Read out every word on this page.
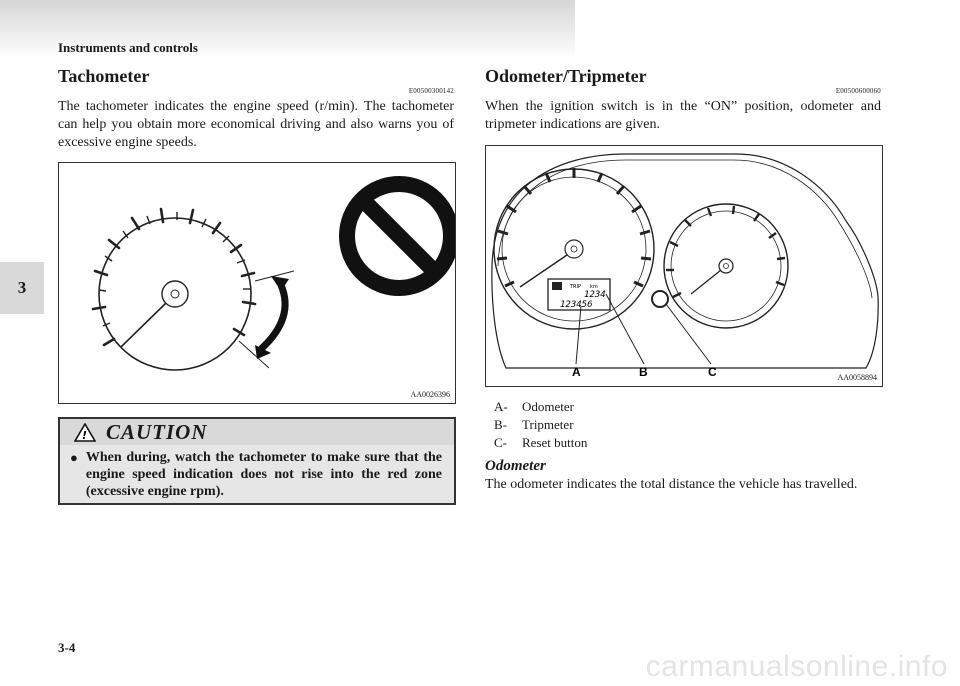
Instruments and controls
3
Tachometer
E00500300142

The tachometer indicates the engine speed (r/min). The tachometer can help you obtain more economical driving and also warns you of excessive engine speeds.

AA0026396
! CAUTION
● When during, watch the tachometer to make sure that the engine speed indication does not rise into the red zone (excessive engine rpm).
Odometer/Tripmeter
E00500600060

When the ignition switch is in the “ON” position, odometer and tripmeter indications are given.

TRIP km
1234
123456
A	B	C	AA0058894
A- Odometer
B- Tripmeter
C- Reset button
Odometer
The odometer indicates the total distance the vehicle has travelled.
3-4
carmanualsonline.info
